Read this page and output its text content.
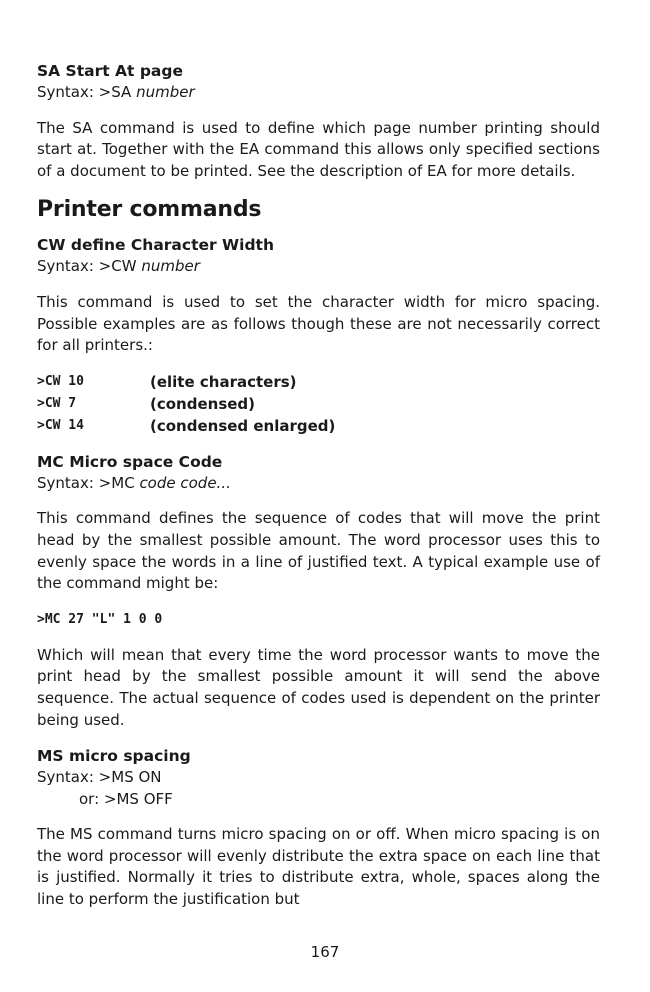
SA Start At page

Syntax: >SA number

The SA command is used to define which page number printing should start at. Together with the EA command this allows only specified sections of a document to be printed. See the description of EA for more details.

Printer commands
CW define Character Width

Syntax: >CW number

This command is used to set the character width for micro spacing. Possible examples are as follows though these are not necessarily correct for all printers.:

>CW 10	(elite characters)
>CW 7	(condensed)
>CW 14	(condensed enlarged)
MC Micro space Code

Syntax: >MC code code...

This command defines the sequence of codes that will move the print head by the smallest possible amount. The word processor uses this to evenly space the words in a line of justified text. A typical example use of the command might be:

>MC 27 "L" 1 0 0

Which will mean that every time the word processor wants to move the print head by the smallest possible amount it will send the above sequence. The actual sequence of codes used is dependent on the printer being used.

MS micro spacing

Syntax: >MS ON

or: >MS OFF

The MS command turns micro spacing on or off. When micro spacing is on the word processor will evenly distribute the extra space on each line that is justified. Normally it tries to distribute extra, whole, spaces along the line to perform the justification but

167
